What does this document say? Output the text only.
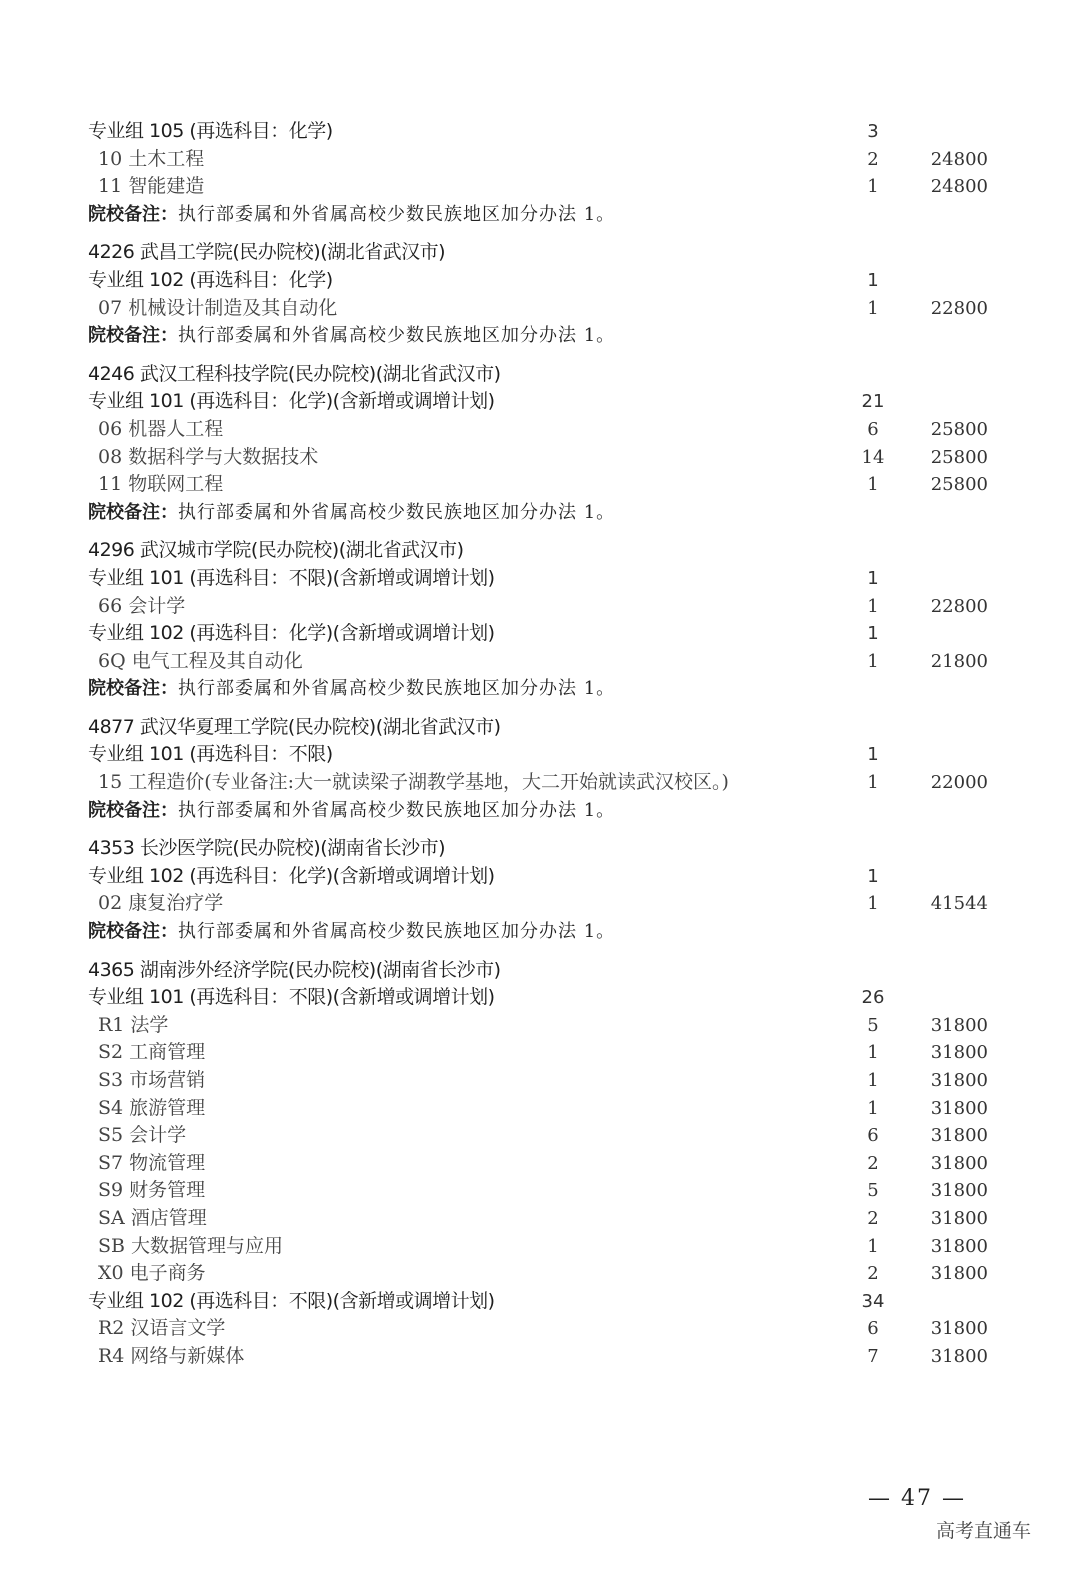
专业组 105 (再选科目：化学)	3
10 土木工程	2	24800
11 智能建造	1	24800
院校备注：执行部委属和外省属高校少数民族地区加分办法 1。
4226 武昌工学院(民办院校)(湖北省武汉市)
专业组 102 (再选科目：化学)	1
07 机械设计制造及其自动化	1	22800
院校备注：执行部委属和外省属高校少数民族地区加分办法 1。
4246 武汉工程科技学院(民办院校)(湖北省武汉市)
专业组 101 (再选科目：化学)(含新增或调增计划)	21
06 机器人工程	6	25800
08 数据科学与大数据技术	14	25800
11 物联网工程	1	25800
院校备注：执行部委属和外省属高校少数民族地区加分办法 1。
4296 武汉城市学院(民办院校)(湖北省武汉市)
专业组 101 (再选科目：不限)(含新增或调增计划)	1
66 会计学	1	22800
专业组 102 (再选科目：化学)(含新增或调增计划)	1
6Q 电气工程及其自动化	1	21800
院校备注：执行部委属和外省属高校少数民族地区加分办法 1。
4877 武汉华夏理工学院(民办院校)(湖北省武汉市)
专业组 101 (再选科目：不限)	1
15 工程造价(专业备注:大一就读梁子湖教学基地，大二开始就读武汉校区。)	1	22000
院校备注：执行部委属和外省属高校少数民族地区加分办法 1。
4353 长沙医学院(民办院校)(湖南省长沙市)
专业组 102 (再选科目：化学)(含新增或调增计划)	1
02 康复治疗学	1	41544
院校备注：执行部委属和外省属高校少数民族地区加分办法 1。
4365 湖南涉外经济学院(民办院校)(湖南省长沙市)
专业组 101 (再选科目：不限)(含新增或调增计划)	26
R1 法学	5	31800
S2 工商管理	1	31800
S3 市场营销	1	31800
S4 旅游管理	1	31800
S5 会计学	6	31800
S7 物流管理	2	31800
S9 财务管理	5	31800
SA 酒店管理	2	31800
SB 大数据管理与应用	1	31800
X0 电子商务	2	31800
专业组 102 (再选科目：不限)(含新增或调增计划)	34
R2 汉语言文学	6	31800
R4 网络与新媒体	7	31800
— 47 —
高考直通车
